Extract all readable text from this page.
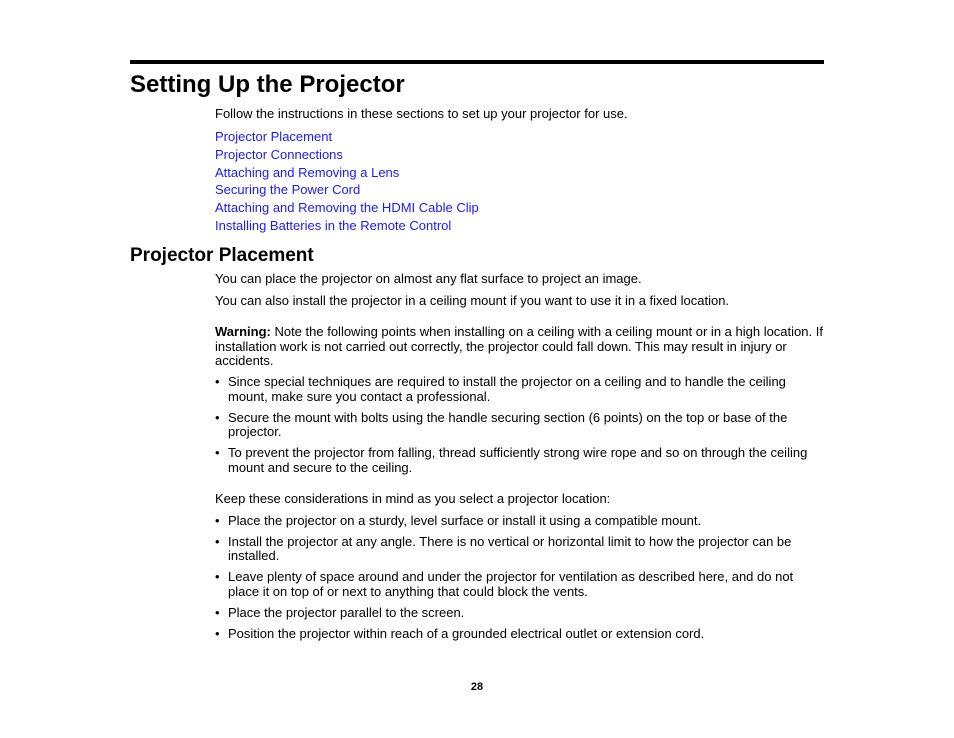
Setting Up the Projector
Follow the instructions in these sections to set up your projector for use.
Projector Placement
Projector Connections
Attaching and Removing a Lens
Securing the Power Cord
Attaching and Removing the HDMI Cable Clip
Installing Batteries in the Remote Control
Projector Placement
You can place the projector on almost any flat surface to project an image.
You can also install the projector in a ceiling mount if you want to use it in a fixed location.

Warning: Note the following points when installing on a ceiling with a ceiling mount or in a high location. If installation work is not carried out correctly, the projector could fall down. This may result in injury or accidents.

• Since special techniques are required to install the projector on a ceiling and to handle the ceiling mount, make sure you contact a professional.
• Secure the mount with bolts using the handle securing section (6 points) on the top or base of the projector.
• To prevent the projector from falling, thread sufficiently strong wire rope and so on through the ceiling mount and secure to the ceiling.

Keep these considerations in mind as you select a projector location:

• Place the projector on a sturdy, level surface or install it using a compatible mount.
• Install the projector at any angle. There is no vertical or horizontal limit to how the projector can be installed.
• Leave plenty of space around and under the projector for ventilation as described here, and do not place it on top of or next to anything that could block the vents.
• Place the projector parallel to the screen.
• Position the projector within reach of a grounded electrical outlet or extension cord.
28
